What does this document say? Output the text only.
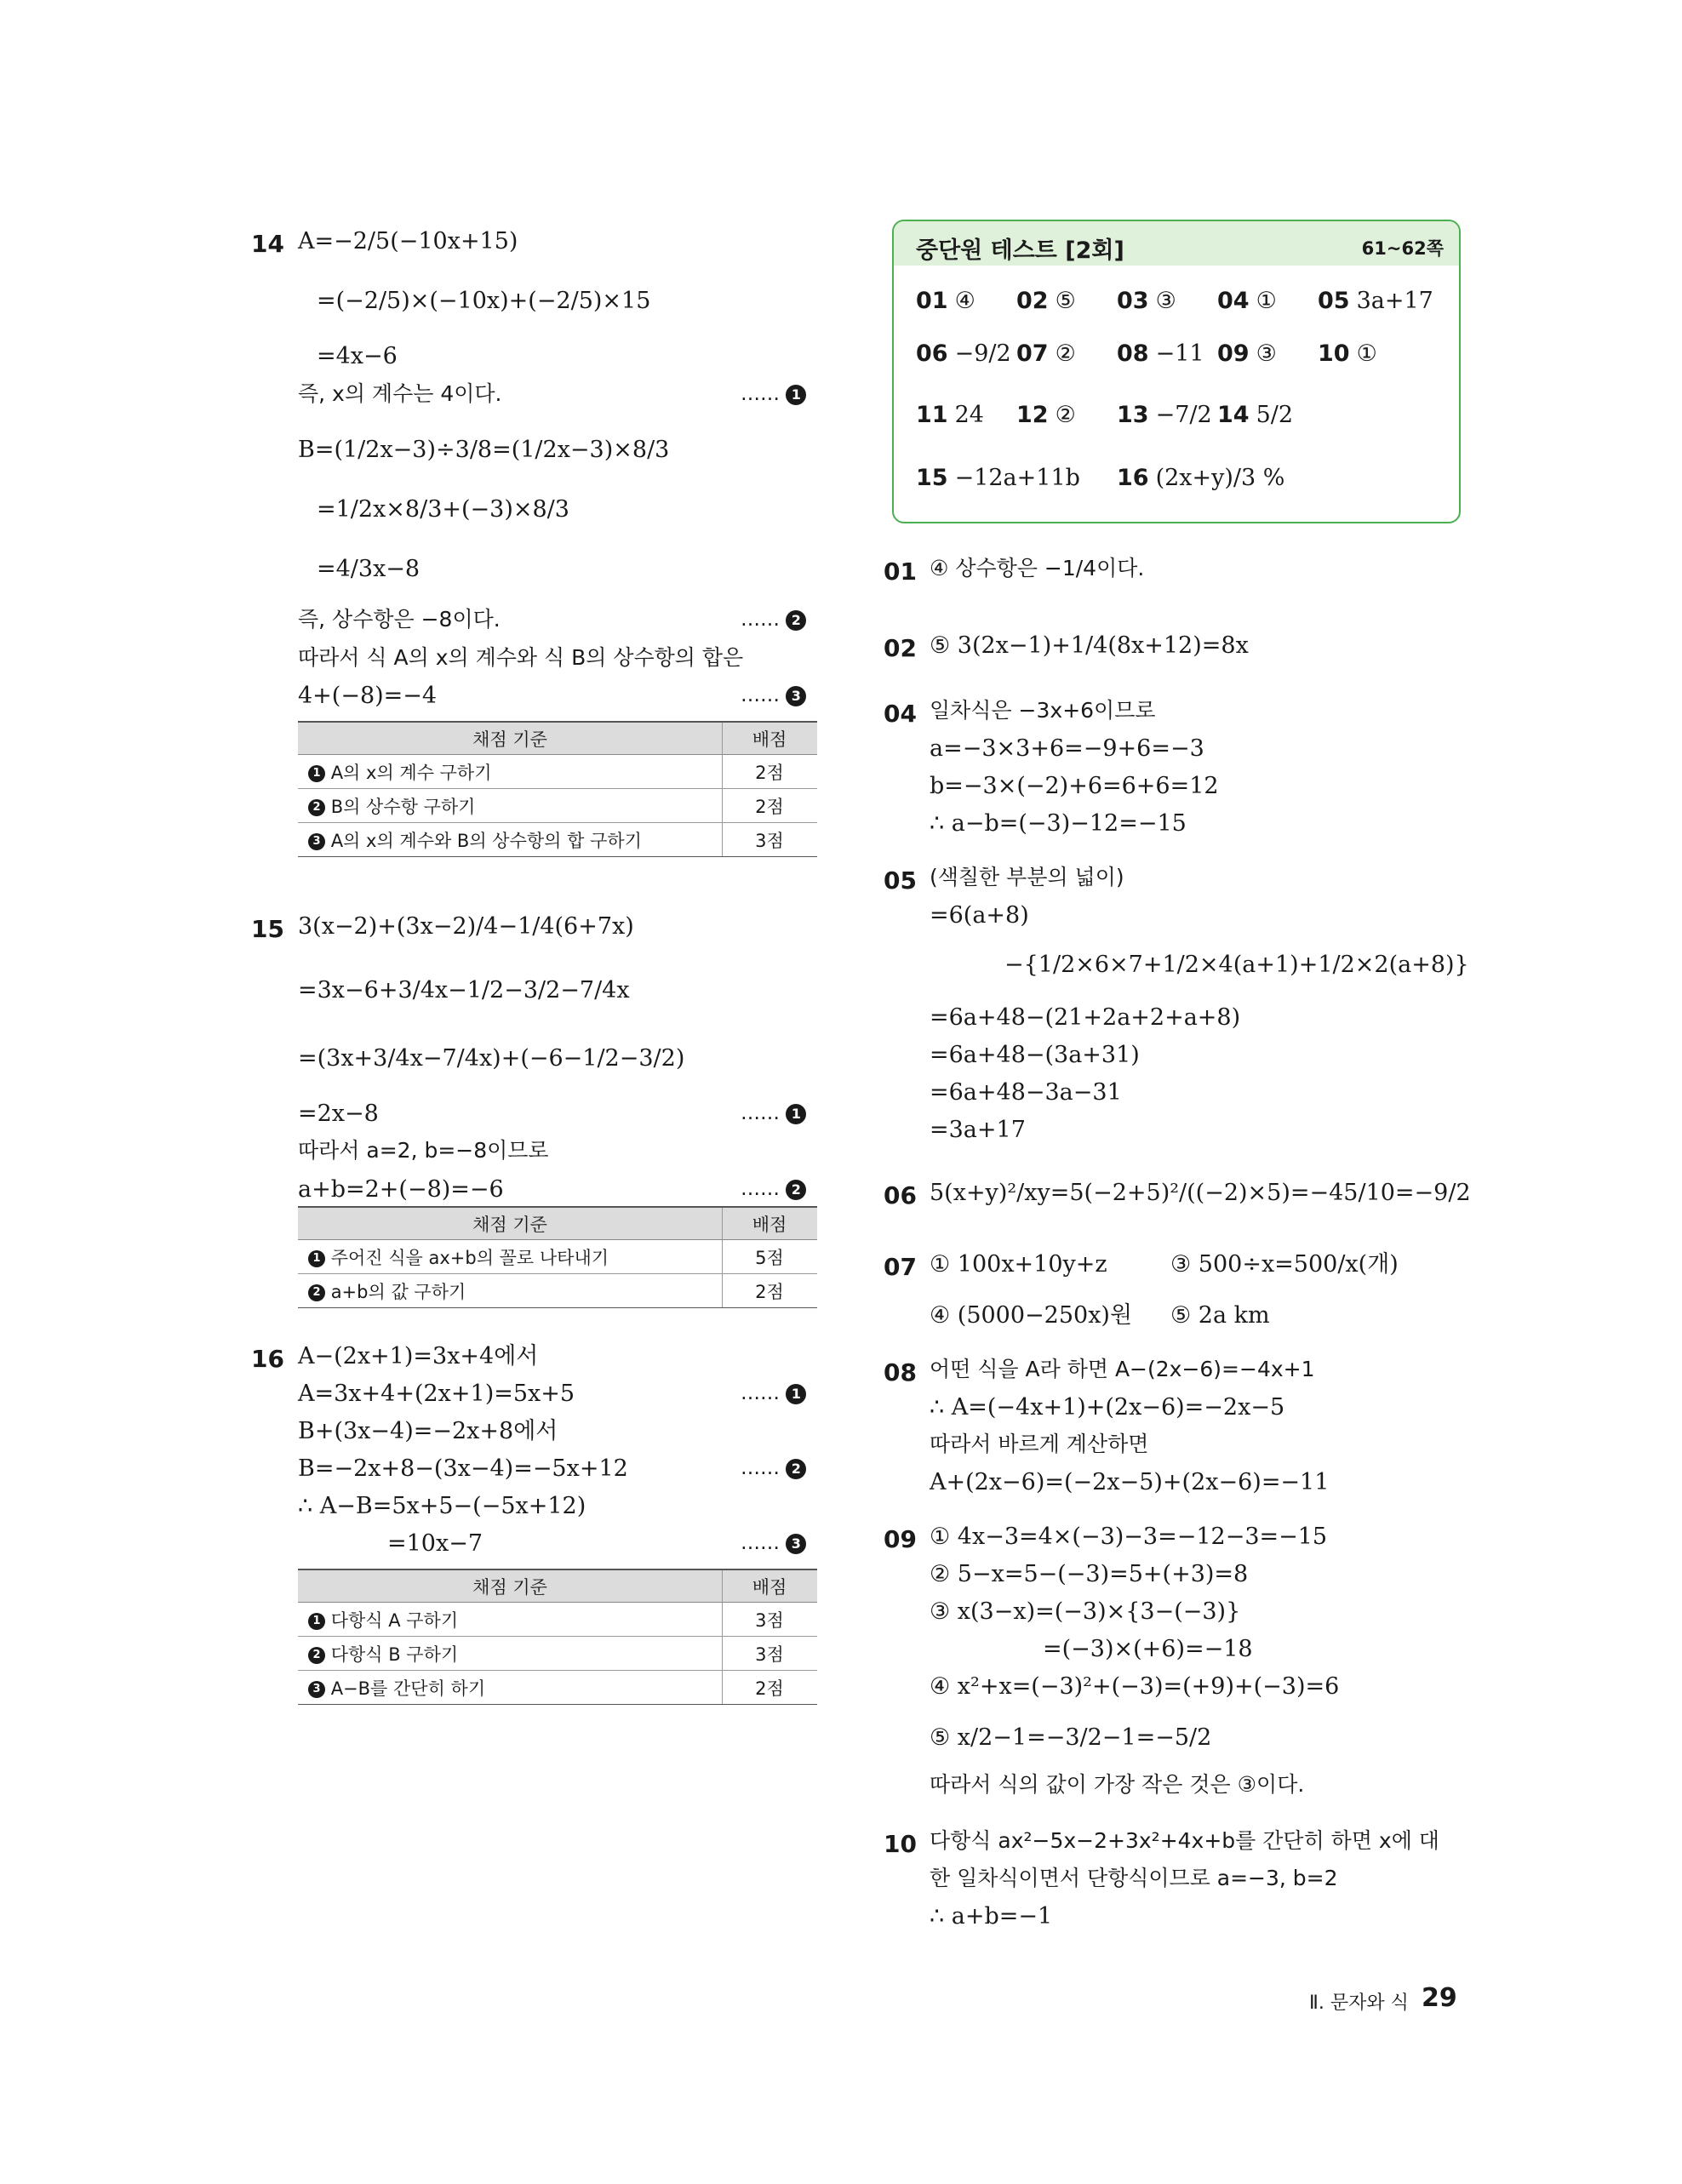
14 A=−2/5(−10x+15)
=(−2/5)×(−10x)+(−2/5)×15
=4x−6
즉, x의 계수는 4이다.	…… 1
B=(1/2x−3)÷3/8=(1/2x−3)×8/3
=1/2x×8/3+(−3)×8/3
=4/3x−8
즉, 상수항은 −8이다.	…… 2
따라서 식 A의 x의 계수와 식 B의 상수항의 합은
4+(−8)=−4	…… 3
채점 기준	배점
1 A의 x의 계수 구하기	2점
2 B의 상수항 구하기	2점
3 A의 x의 계수와 B의 상수항의 합 구하기	3점
15 3(x−2)+(3x−2)/4−1/4(6+7x)
=3x−6+3/4x−1/2−3/2−7/4x
=(3x+3/4x−7/4x)+(−6−1/2−3/2)
=2x−8	…… 1
따라서 a=2, b=−8이므로
a+b=2+(−8)=−6	…… 2
채점 기준	배점
1 주어진 식을 ax+b의 꼴로 나타내기	5점
2 a+b의 값 구하기	2점
16 A−(2x+1)=3x+4에서
A=3x+4+(2x+1)=5x+5	…… 1
B+(3x−4)=−2x+8에서
B=−2x+8−(3x−4)=−5x+12	…… 2
∴ A−B=5x+5−(−5x+12)
=10x−7	…… 3
채점 기준	배점
1 다항식 A 구하기	3점
2 다항식 B 구하기	3점
3 A−B를 간단히 하기	2점
중단원 테스트 [2회]	61~62쪽
01 ④ 02 ⑤ 03 ③ 04 ① 05 3a+17
06 −9/2 07 ② 08 −11 09 ③ 10 ①
11 24 12 ② 13 −7/2 14 5/2
15 −12a+11b 16 (2x+y)/3 %
01 ④ 상수항은 −1/4이다.
02 ⑤ 3(2x−1)+1/4(8x+12)=8x
04 일차식은 −3x+6이므로
a=−3×3+6=−9+6=−3
b=−3×(−2)+6=6+6=12
∴ a−b=(−3)−12=−15
05 (색칠한 부분의 넓이)
=6(a+8)
−{1/2×6×7+1/2×4(a+1)+1/2×2(a+8)}
=6a+48−(21+2a+2+a+8)
=6a+48−(3a+31)
=6a+48−3a−31
=3a+17
06 5(x+y)²/xy=5(−2+5)²/((−2)×5)=−45/10=−9/2
07 ① 100x+10y+z	③ 500÷x=500/x(개)
④ (5000−250x)원 ⑤ 2a km
08 어떤 식을 A라 하면 A−(2x−6)=−4x+1
∴ A=(−4x+1)+(2x−6)=−2x−5
따라서 바르게 계산하면
A+(2x−6)=(−2x−5)+(2x−6)=−11
09 ① 4x−3=4×(−3)−3=−12−3=−15
② 5−x=5−(−3)=5+(+3)=8
③ x(3−x)=(−3)×{3−(−3)}
=(−3)×(+6)=−18
④ x²+x=(−3)²+(−3)=(+9)+(−3)=6
⑤ x/2−1=−3/2−1=−5/2
따라서 식의 값이 가장 작은 것은 ③이다.
10 다항식 ax²−5x−2+3x²+4x+b를 간단히 하면 x에 대
한 일차식이면서 단항식이므로 a=−3, b=2
∴ a+b=−1
Ⅱ. 문자와 식 29
